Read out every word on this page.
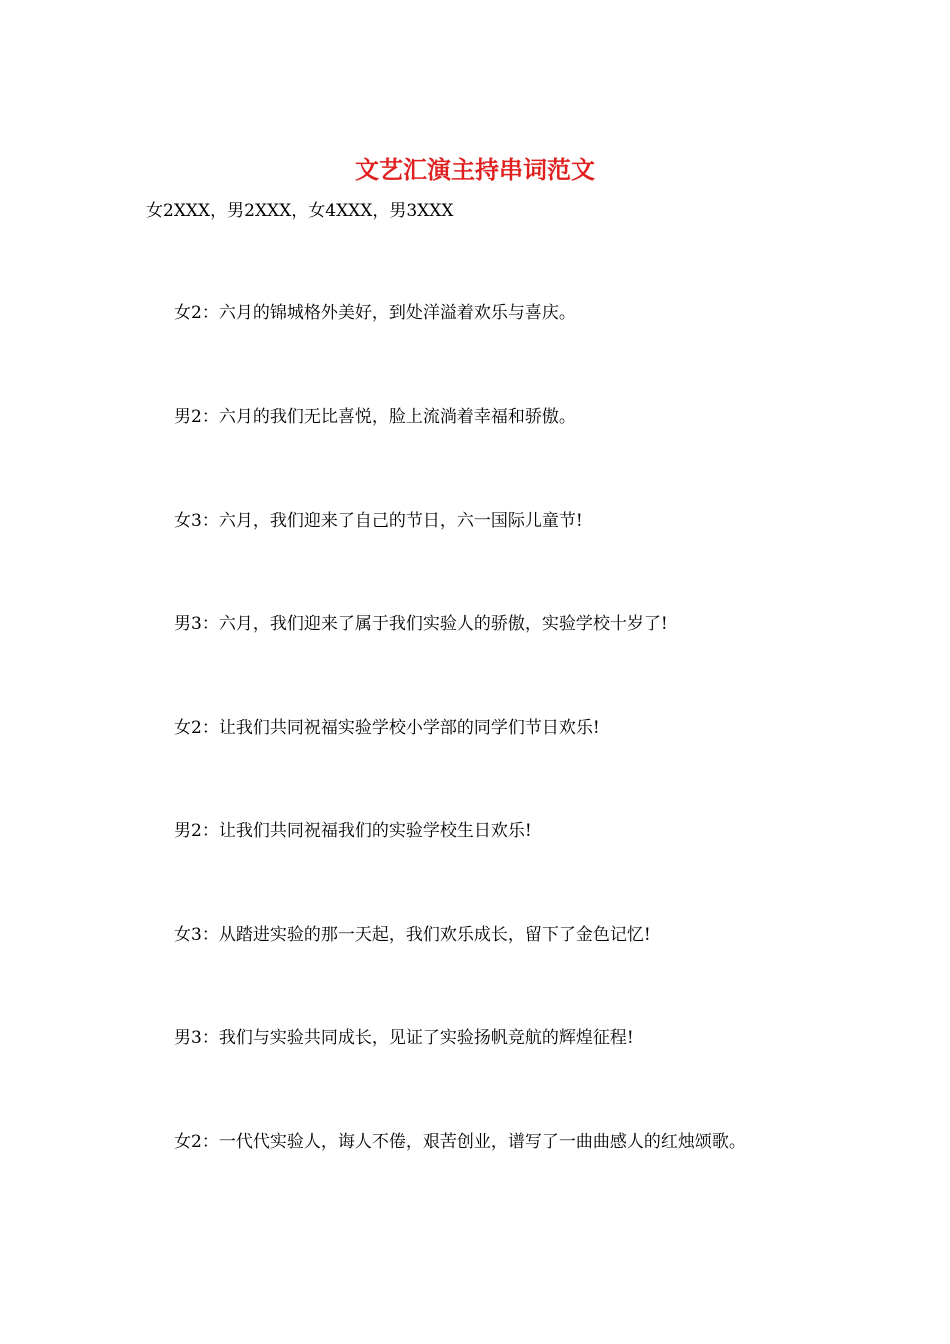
文艺汇演主持串词范文
女2XXX，男2XXX，女4XXX，男3XXX
女2：六月的锦城格外美好，到处洋溢着欢乐与喜庆。
男2：六月的我们无比喜悦，脸上流淌着幸福和骄傲。
女3：六月，我们迎来了自己的节日，六一国际儿童节!
男3：六月，我们迎来了属于我们实验人的骄傲，实验学校十岁了!
女2：让我们共同祝福实验学校小学部的同学们节日欢乐!
男2：让我们共同祝福我们的实验学校生日欢乐!
女3：从踏进实验的那一天起，我们欢乐成长，留下了金色记忆!
男3：我们与实验共同成长，见证了实验扬帆竞航的辉煌征程!
女2：一代代实验人，诲人不倦，艰苦创业，谱写了一曲曲感人的红烛颂歌。
